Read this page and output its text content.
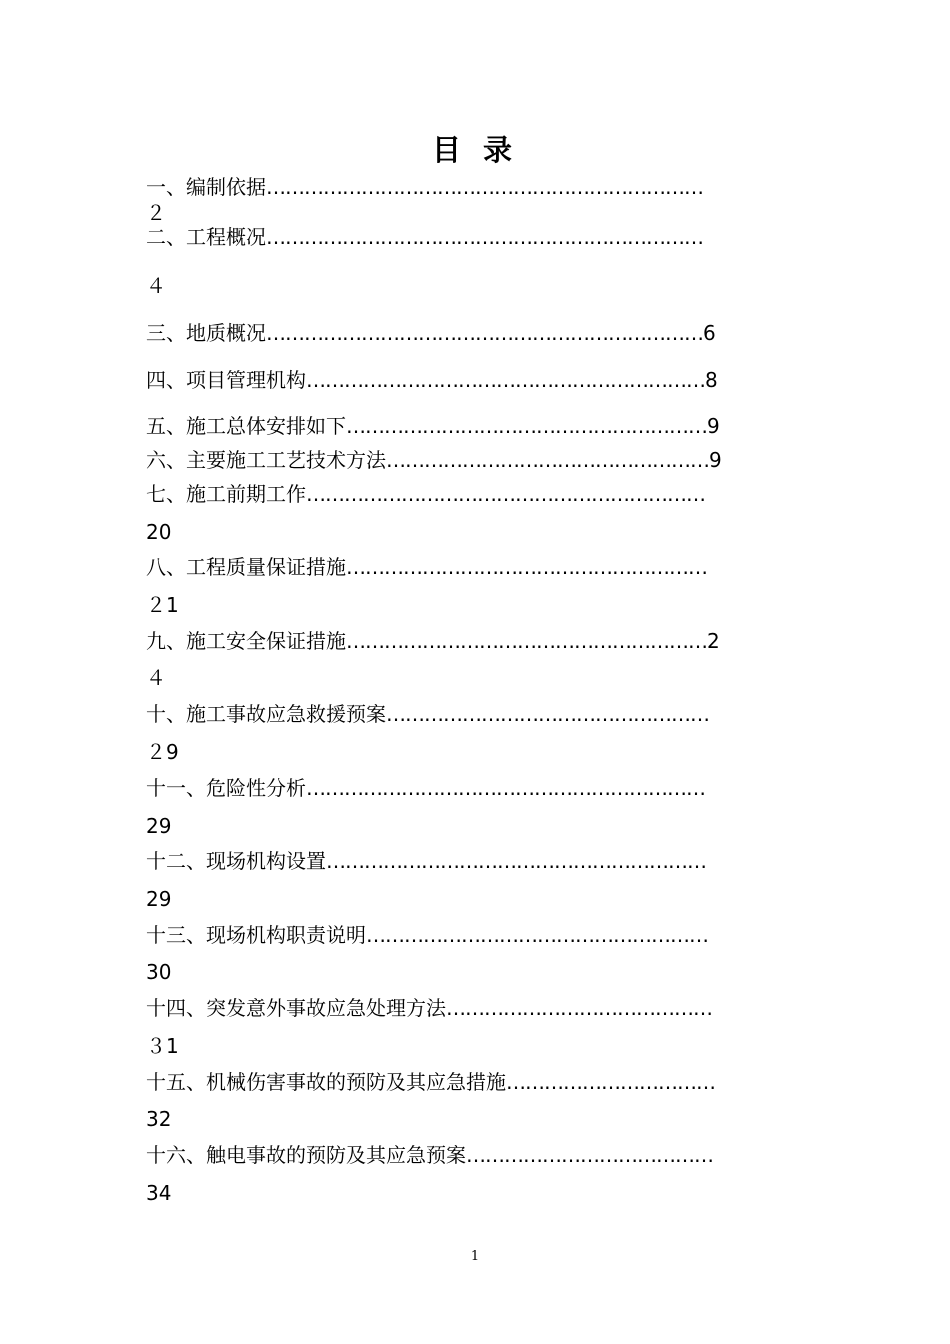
目 录
一、编制依据……………………………………………………………
２
二、工程概况……………………………………………………………
４
三、地质概况……………………………………………………………6
四、项目管理机构………………………………………………………8
五、施工总体安排如下…………………………………………………9
六、主要施工工艺技术方法……………………………………………9
七、施工前期工作………………………………………………………
20
八、工程质量保证措施…………………………………………………
２1
九、施工安全保证措施…………………………………………………2
４
十、施工事故应急救援预案……………………………………………
２9
十一、危险性分析………………………………………………………
29
十二、现场机构设置……………………………………………………
29
十三、现场机构职责说明………………………………………………
30
十四、突发意外事故应急处理方法……………………………………
３1
十五、机械伤害事故的预防及其应急措施……………………………
32
十六、触电事故的预防及其应急预案…………………………………
34
1
